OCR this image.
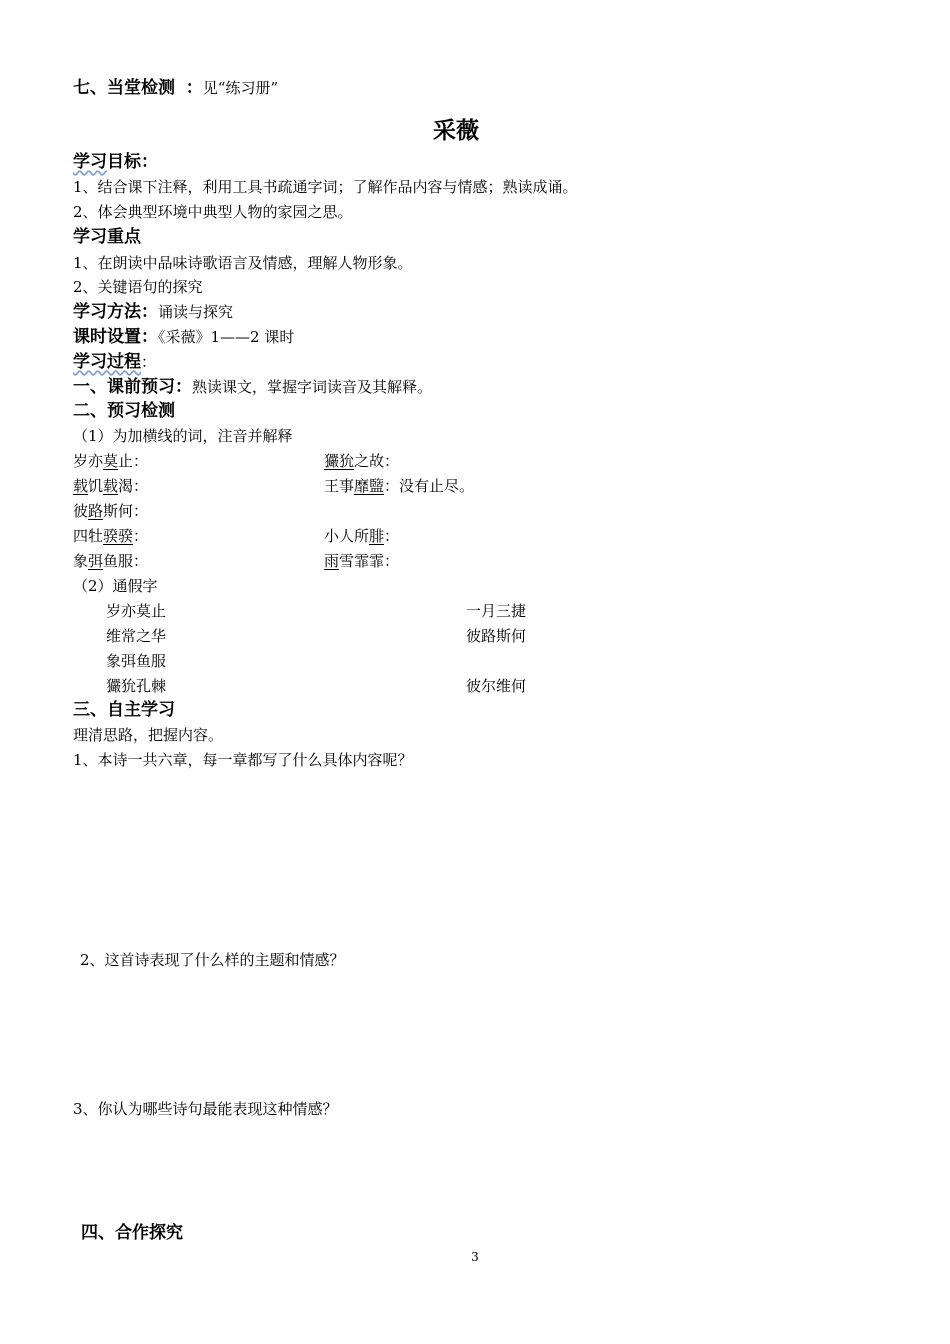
七、当堂检测 ：见“练习册”
采薇
学习目标：
1、结合课下注释，利用工具书疏通字词；了解作品内容与情感；熟读成诵。
2、体会典型环境中典型人物的家园之思。
学习重点
1、在朗读中品味诗歌语言及情感，理解人物形象。
2、关键语句的探究
学习方法：诵读与探究
课时设置：《采薇》1——2 课时
学习过程：
一、课前预习：熟读课文，掌握字词读音及其解释。
二、预习检测
（1）为加横线的词，注音并解释
岁亦莫止：	玁狁之故：
载饥载渴：	王事靡盬：没有止尽。
彼路斯何：
四牡骙骙：	小人所腓：
象弭鱼服：	雨雪霏霏：
（2）通假字
岁亦莫止	一月三捷
维常之华	彼路斯何
象弭鱼服
玁狁孔棘	彼尔维何
三、自主学习
理清思路，把握内容。
1、本诗一共六章，每一章都写了什么具体内容呢？
2、这首诗表现了什么样的主题和情感？
3、你认为哪些诗句最能表现这种情感？
四、合作探究
3
